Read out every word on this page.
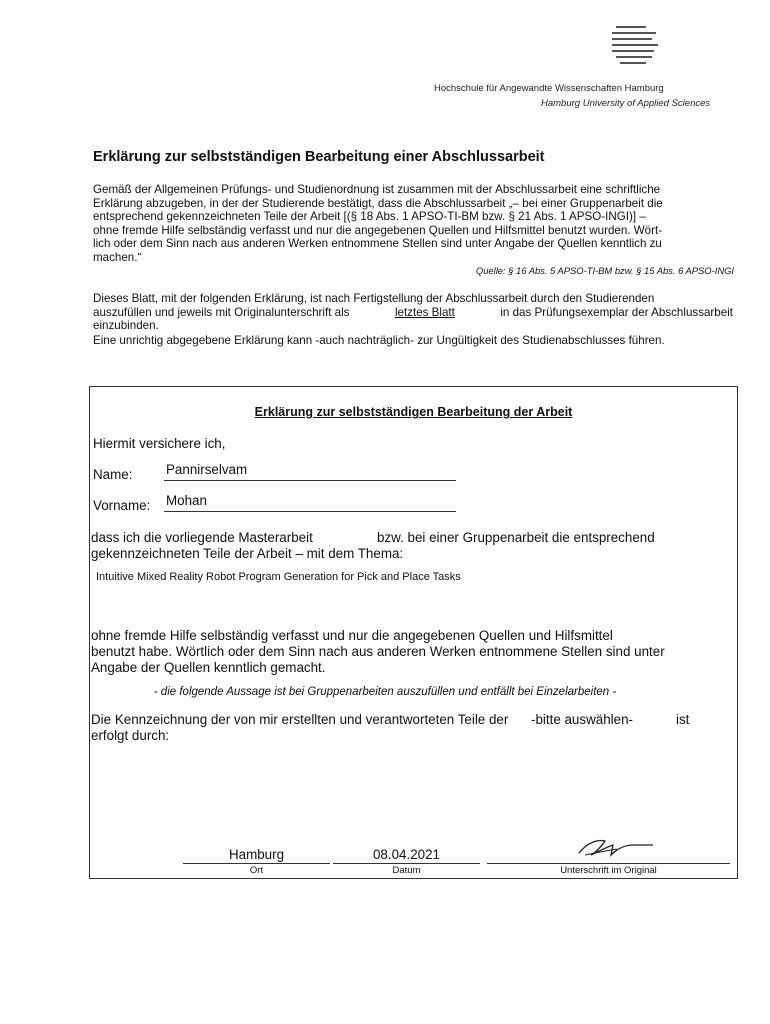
Hochschule für Angewandte Wissenschaften Hamburg
Hamburg University of Applied Sciences
Erklärung zur selbstständigen Bearbeitung einer Abschlussarbeit
Gemäß der Allgemeinen Prüfungs- und Studienordnung ist zusammen mit der Abschlussarbeit eine schriftliche
Erklärung abzugeben, in der der Studierende bestätigt, dass die Abschlussarbeit „– bei einer Gruppenarbeit die
entsprechend gekennzeichneten Teile der Arbeit [(§ 18 Abs. 1 APSO-TI-BM bzw. § 21 Abs. 1 APSO-INGI)] –
ohne fremde Hilfe selbständig verfasst und nur die angegebenen Quellen und Hilfsmittel benutzt wurden. Wört-
lich oder dem Sinn nach aus anderen Werken entnommene Stellen sind unter Angabe der Quellen kenntlich zu
machen.“
Quelle: § 16 Abs. 5 APSO-TI-BM bzw. § 15 Abs. 6 APSO-INGI
Dieses Blatt, mit der folgenden Erklärung, ist nach Fertigstellung der Abschlussarbeit durch den Studierenden
auszufüllen und jeweils mit Originalunterschrift als	letztes Blatt	in das Prüfungsexemplar der Abschlussarbeit
einzubinden.
Eine unrichtig abgegebene Erklärung kann -auch nachträglich- zur Ungültigkeit des Studienabschlusses führen.
Erklärung zur selbstständigen Bearbeitung der Arbeit
Hiermit versichere ich,
Name:	Pannirselvam
Vorname: Mohan
dass ich die vorliegende Masterarbeit	bzw. bei einer Gruppenarbeit die entsprechend
gekennzeichneten Teile der Arbeit – mit dem Thema:
Intuitive Mixed Reality Robot Program Generation for Pick and Place Tasks
ohne fremde Hilfe selbständig verfasst und nur die angegebenen Quellen und Hilfsmittel
benutzt habe. Wörtlich oder dem Sinn nach aus anderen Werken entnommene Stellen sind unter
Angabe der Quellen kenntlich gemacht.
- die folgende Aussage ist bei Gruppenarbeiten auszufüllen und entfällt bei Einzelarbeiten -
Die Kennzeichnung der von mir erstellten und verantworteten Teile der -bitte auswählen-	ist
erfolgt durch:
Hamburg	08.04.2021
Ort	Datum	Unterschrift im Original
